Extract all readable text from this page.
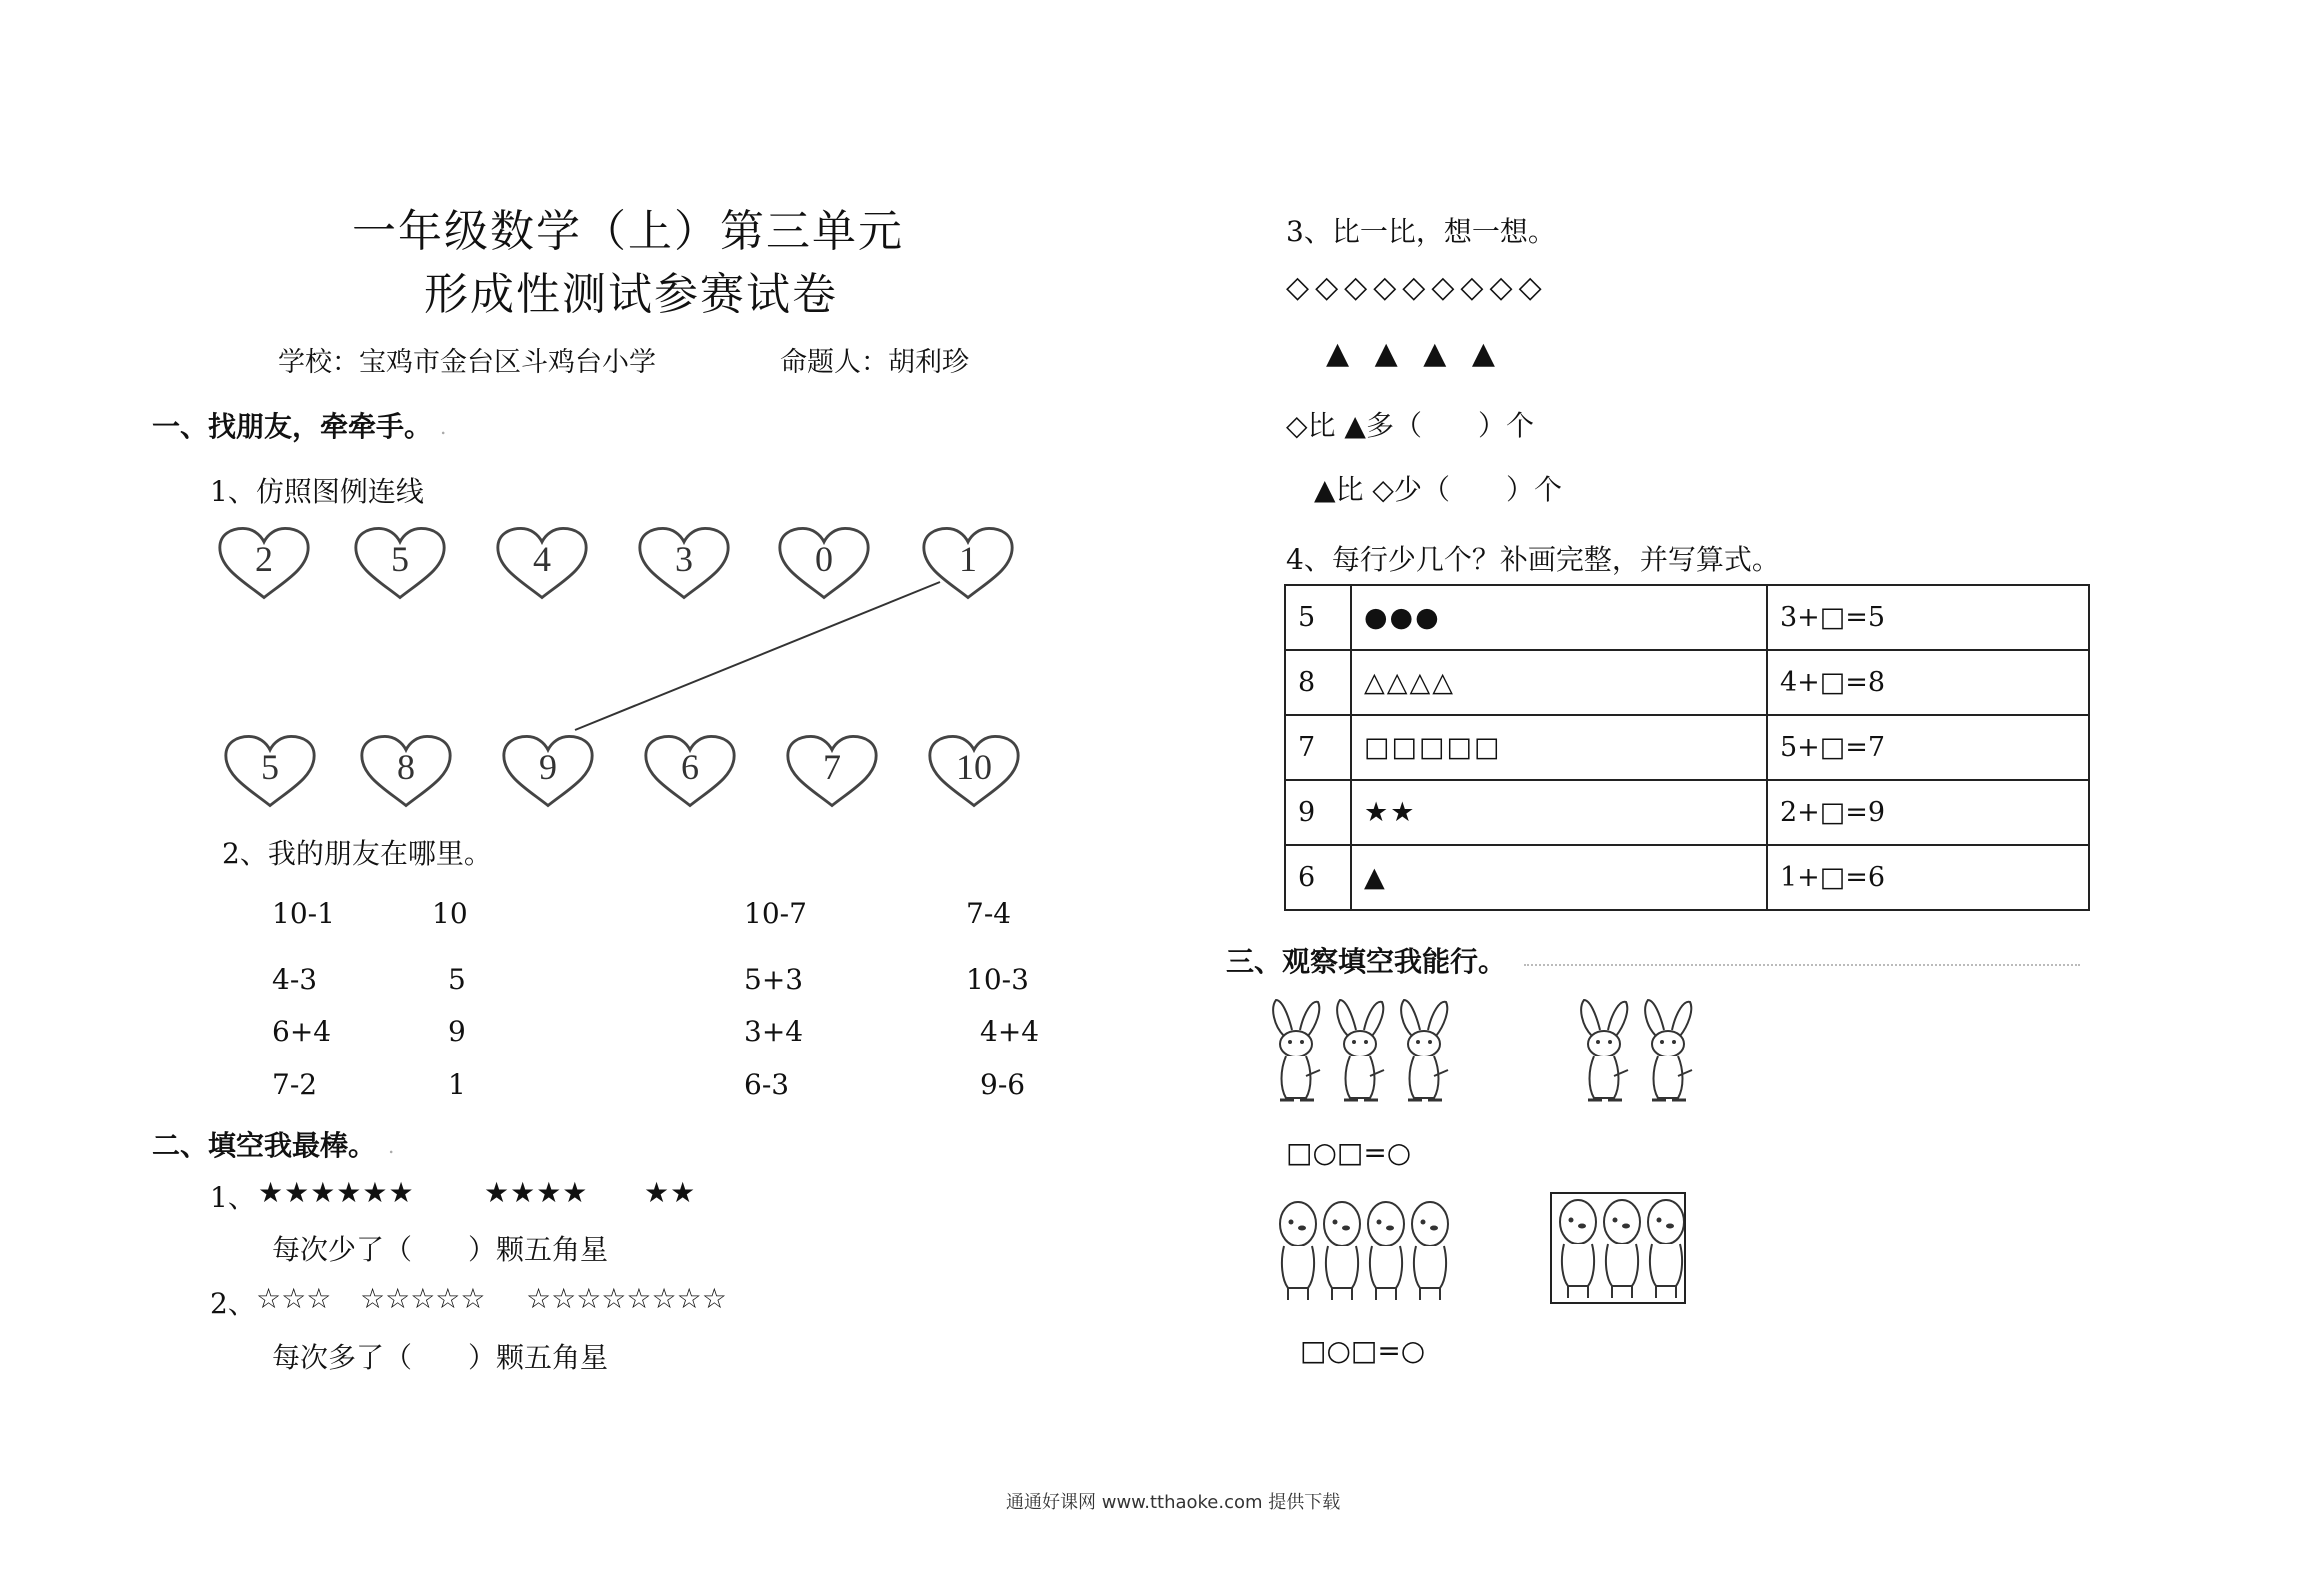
一年级数学（上）第三单元
形成性测试参赛试卷
学校：宝鸡市金台区斗鸡台小学	命题人：胡利珍
一、找朋友，牵牵手。 .
1、仿照图例连线
2	5	4	3	0	1
5	8	9	6	7	10
2、我的朋友在哪里。
10-1	10	10-7	7-4
4-3	5	5+3	10-3
6+4	9	3+4	4+4
7-2	1	6-3	9-6
二、填空我最棒。 .
1、 ★★★★★★ ★★★★ ★★
每次少了（　　）颗五角星
2、 ☆☆☆ ☆☆☆☆☆ ☆☆☆☆☆☆☆☆
每次多了（　　）颗五角星
3、比一比，想一想。
◇◇◇◇◇◇◇◇◇
▲ ▲ ▲ ▲
◇比 ▲多（　　）个
▲比 ◇少（　　）个
4、每行少几个？补画完整，并写算式。
5	●●●	3+□=5
8	△△△△	4+□=8
7	□□□□□	5+□=7
9	★★	2+□=9
6	▲	1+□=6
三、观察填空我能行。
□○□=○
□○□=○
通通好课网 www.tthaoke.com 提供下载
